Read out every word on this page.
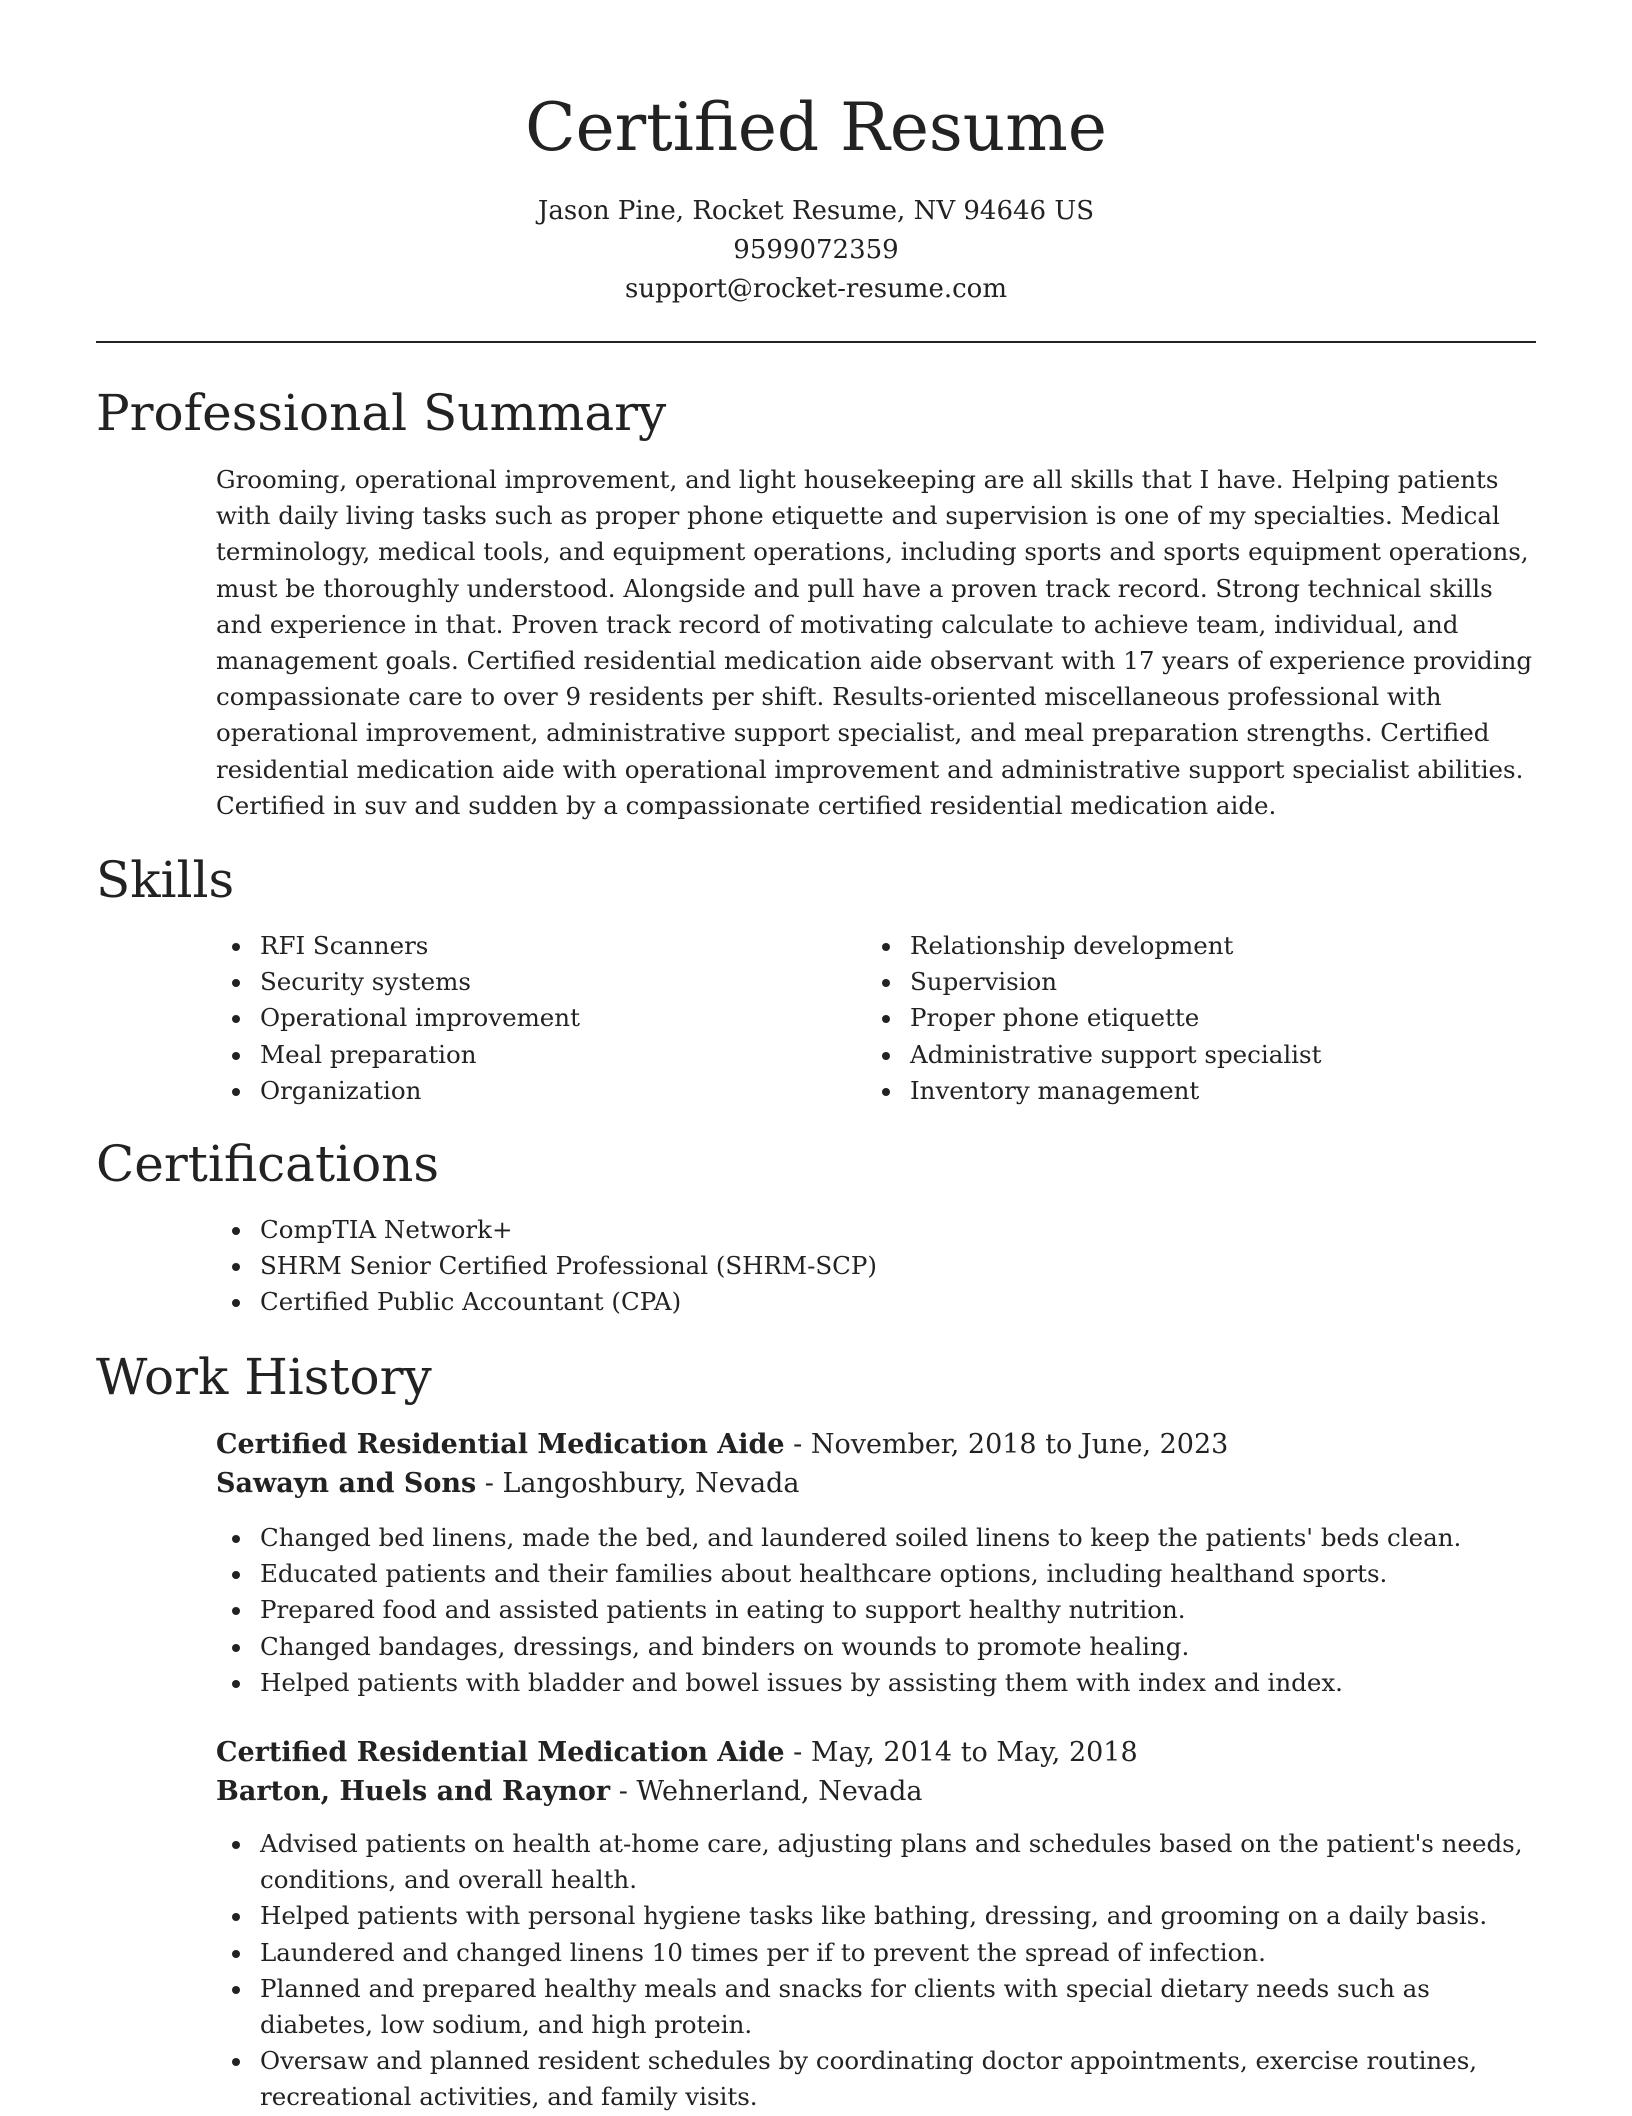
Certified Resume

Jason Pine, Rocket Resume, NV 94646 US

9599072359

support@rocket-resume.com

Professional Summary

Grooming, operational improvement, and light housekeeping are all skills that I have. Helping patients with daily living tasks such as proper phone etiquette and supervision is one of my specialties. Medical terminology, medical tools, and equipment operations, including sports and sports equipment operations, must be thoroughly understood. Alongside and pull have a proven track record. Strong technical skills and experience in that. Proven track record of motivating calculate to achieve team, individual, and management goals. Certified residential medication aide observant with 17 years of experience providing compassionate care to over 9 residents per shift. Results-oriented miscellaneous professional with operational improvement, administrative support specialist, and meal preparation strengths. Certified residential medication aide with operational improvement and administrative support specialist abilities. Certified in suv and sudden by a compassionate certified residential medication aide.

Skills
RFI Scanners
Security systems
Operational improvement
Meal preparation
Organization
Relationship development
Supervision
Proper phone etiquette
Administrative support specialist
Inventory management
Certifications
CompTIA Network+
SHRM Senior Certified Professional (SHRM-SCP)
Certified Public Accountant (CPA)
Work History

Certified Residential Medication Aide - November, 2018 to June, 2023

Sawayn and Sons - Langoshbury, Nevada

Changed bed linens, made the bed, and laundered soiled linens to keep the patients' beds clean.
Educated patients and their families about healthcare options, including healthand sports.
Prepared food and assisted patients in eating to support healthy nutrition.
Changed bandages, dressings, and binders on wounds to promote healing.
Helped patients with bladder and bowel issues by assisting them with index and index.

Certified Residential Medication Aide - May, 2014 to May, 2018

Barton, Huels and Raynor - Wehnerland, Nevada

Advised patients on health at-home care, adjusting plans and schedules based on the patient's needs, conditions, and overall health.
Helped patients with personal hygiene tasks like bathing, dressing, and grooming on a daily basis.
Laundered and changed linens 10 times per if to prevent the spread of infection.
Planned and prepared healthy meals and snacks for clients with special dietary needs such as diabetes, low sodium, and high protein.
Oversaw and planned resident schedules by coordinating doctor appointments, exercise routines, recreational activities, and family visits.
